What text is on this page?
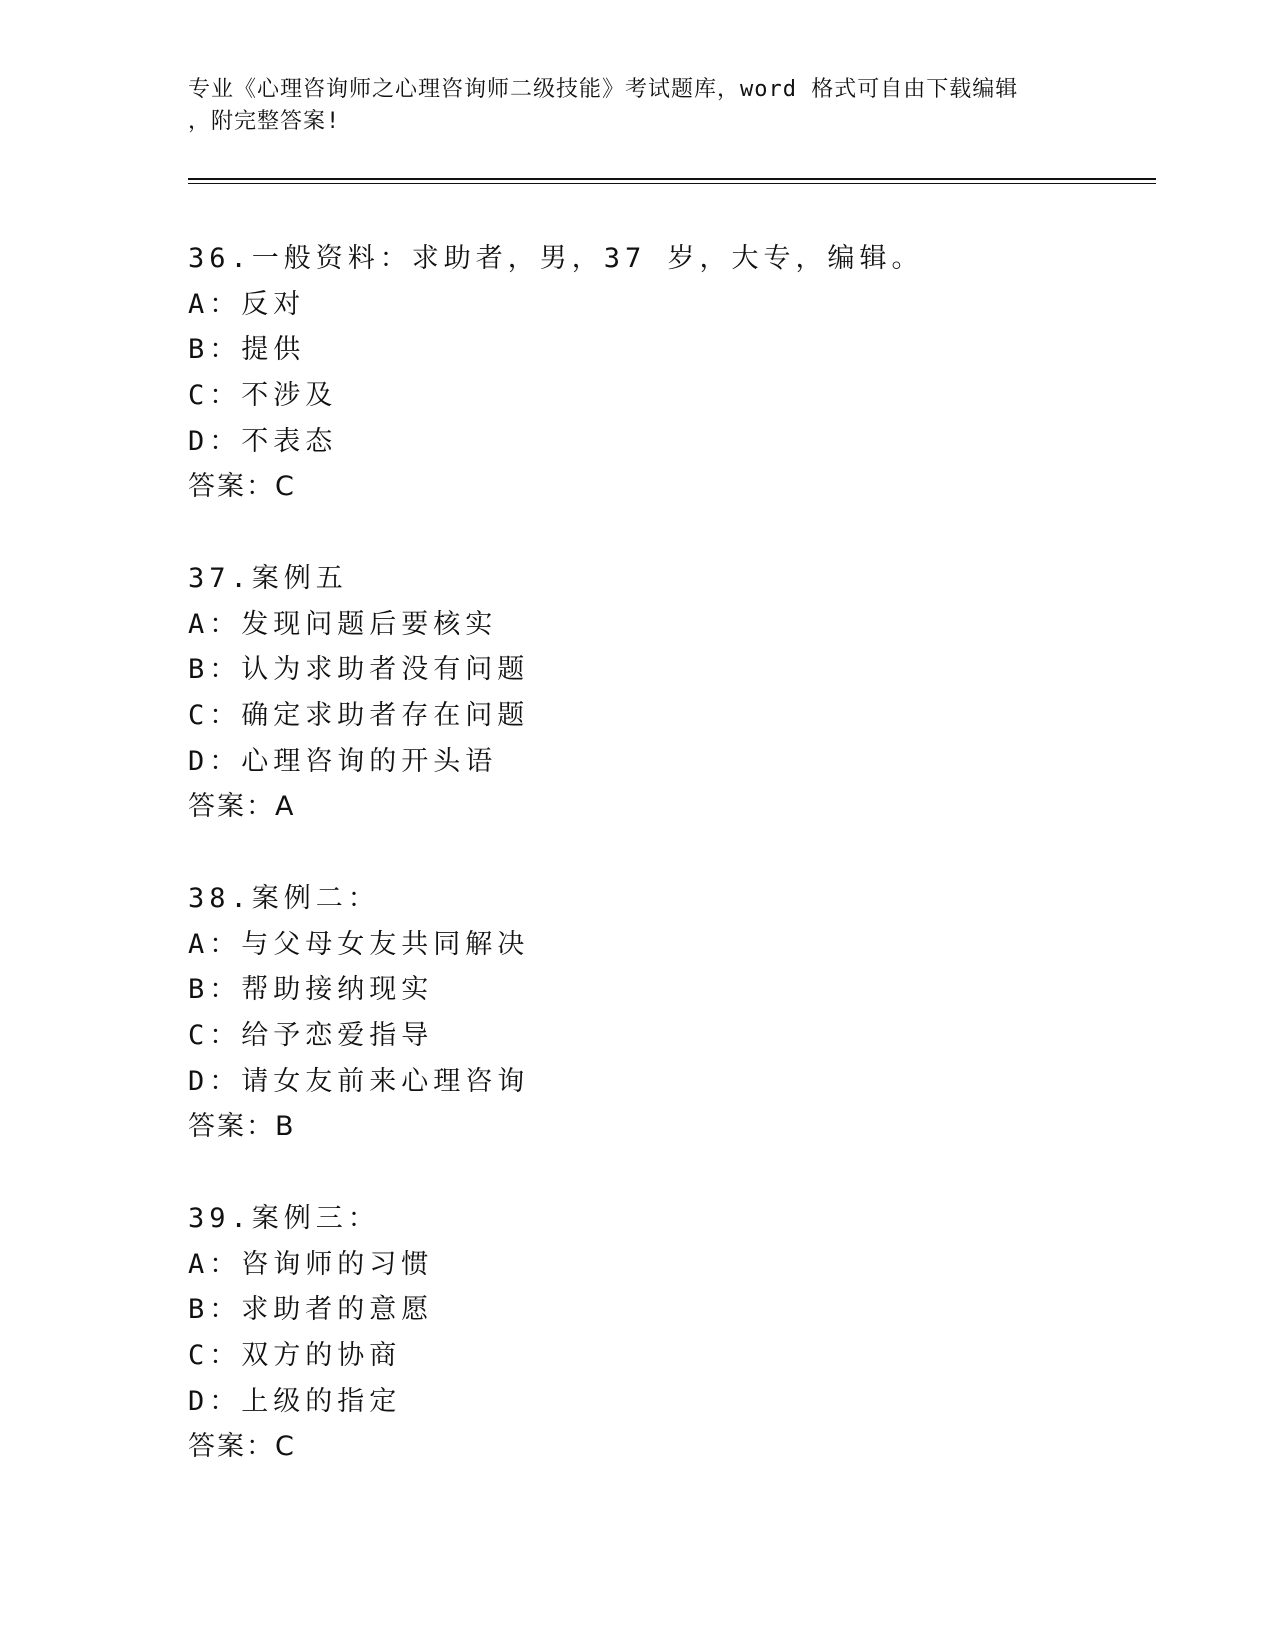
专业《心理咨询师之心理咨询师二级技能》考试题库，word 格式可自由下载编辑
，附完整答案!
36.一般资料：求助者，男，37 岁，大专，编辑。
A：反对
B：提供
C：不涉及
D：不表态
答案：C
37.案例五
A：发现问题后要核实
B：认为求助者没有问题
C：确定求助者存在问题
D：心理咨询的开头语
答案：A
38.案例二：
A：与父母女友共同解决
B：帮助接纳现实
C：给予恋爱指导
D：请女友前来心理咨询
答案：B
39.案例三：
A：咨询师的习惯
B：求助者的意愿
C：双方的协商
D：上级的指定
答案：C
